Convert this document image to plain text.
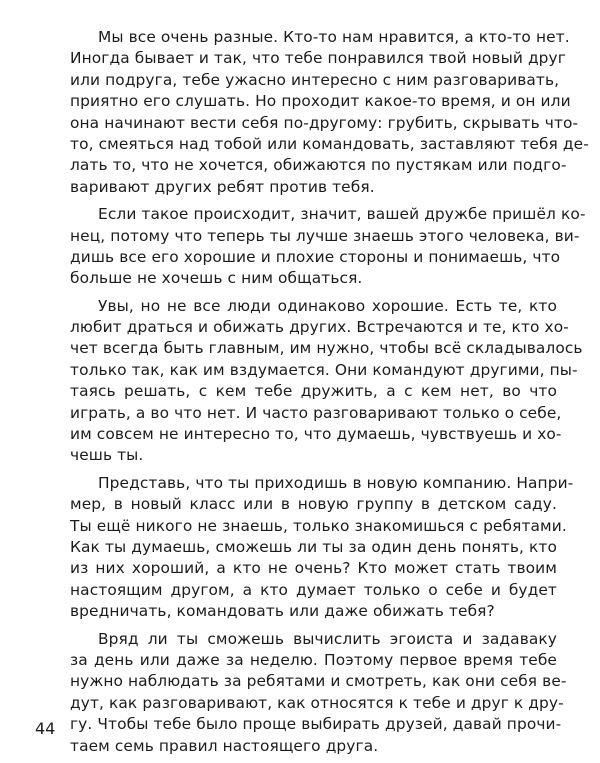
Мы все очень разные. Кто-то нам нравится, а кто-то нет.
Иногда бывает и так, что тебе понравился твой новый друг
или подруга, тебе ужасно интересно с ним разговаривать,
приятно его слушать. Но проходит какое-то время, и он или
она начинают вести себя по-другому: грубить, скрывать что-
то, смеяться над тобой или командовать, заставляют тебя де-
лать то, что не хочется, обижаются по пустякам или подго-
варивают других ребят против тебя.
Если такое происходит, значит, вашей дружбе пришёл ко-
нец, потому что теперь ты лучше знаешь этого человека, ви-
дишь все его хорошие и плохие стороны и понимаешь, что
больше не хочешь с ним общаться.
Увы, но не все люди одинаково хорошие. Есть те, кто
любит драться и обижать других. Встречаются и те, кто хо-
чет всегда быть главным, им нужно, чтобы всё складывалось
только так, как им вздумается. Они командуют другими, пы-
таясь решать, с кем тебе дружить, а с кем нет, во что
играть, а во что нет. И часто разговаривают только о себе,
им совсем не интересно то, что думаешь, чувствуешь и хо-
чешь ты.
Представь, что ты приходишь в новую компанию. Напри-
мер, в новый класс или в новую группу в детском саду.
Ты ещё никого не знаешь, только знакомишься с ребятами.
Как ты думаешь, сможешь ли ты за один день понять, кто
из них хороший, а кто не очень? Кто может стать твоим
настоящим другом, а кто думает только о себе и будет
вредничать, командовать или даже обижать тебя?
Вряд ли ты сможешь вычислить эгоиста и задаваку
за день или даже за неделю. Поэтому первое время тебе
нужно наблюдать за ребятами и смотреть, как они себя ве-
дут, как разговаривают, как относятся к тебе и друг к дру-
гу. Чтобы тебе было проще выбирать друзей, давай прочи-
таем семь правил настоящего друга.
44
